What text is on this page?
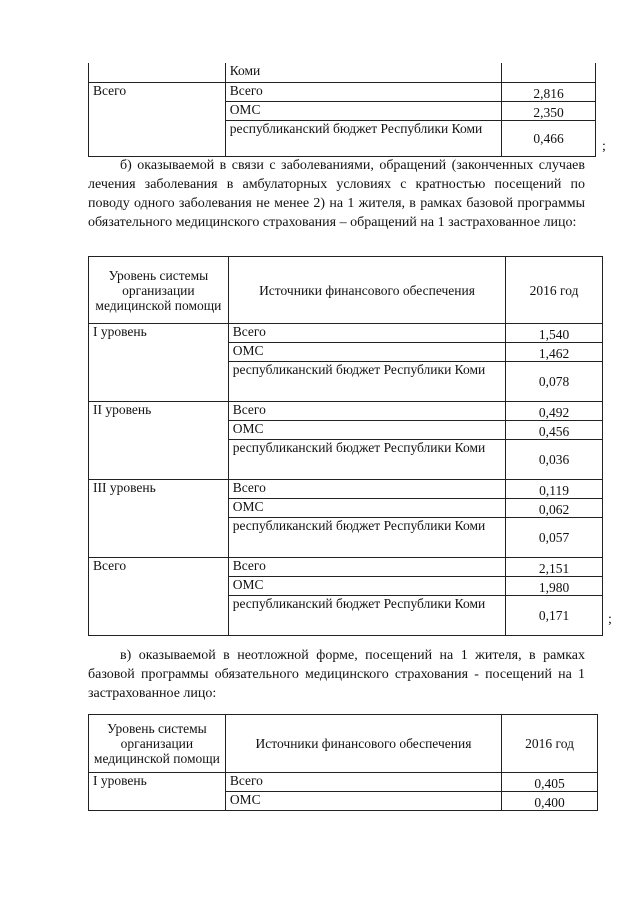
	Коми	
Всего	Всего	2,816
	ОМС	2,350
	республиканский бюджет Республики Коми	0,466
;

б) оказываемой в связи с заболеваниями, обращений (законченных случаев лечения заболевания в амбулаторных условиях с кратностью посещений по поводу одного заболевания не менее 2) на 1 жителя, в рамках базовой программы обязательного медицинского страхования – обращений на 1 застрахованное лицо:

Уровень системы организации медицинской помощи	Источники финансового обеспечения	2016 год
I уровень	Всего	1,540
	ОМС	1,462
	республиканский бюджет Республики Коми	0,078
II уровень	Всего	0,492
	ОМС	0,456
	республиканский бюджет Республики Коми	0,036
III уровень	Всего	0,119
	ОМС	0,062
	республиканский бюджет Республики Коми	0,057
Всего	Всего	2,151
	ОМС	1,980
	республиканский бюджет Республики Коми	0,171	;

в) оказываемой в неотложной форме, посещений на 1 жителя, в рамках базовой программы обязательного медицинского страхования - посещений на 1 застрахованное лицо:

Уровень системы организации медицинской помощи	Источники финансового обеспечения	2016 год
I уровень	Всего	0,405
	ОМС	0,400
